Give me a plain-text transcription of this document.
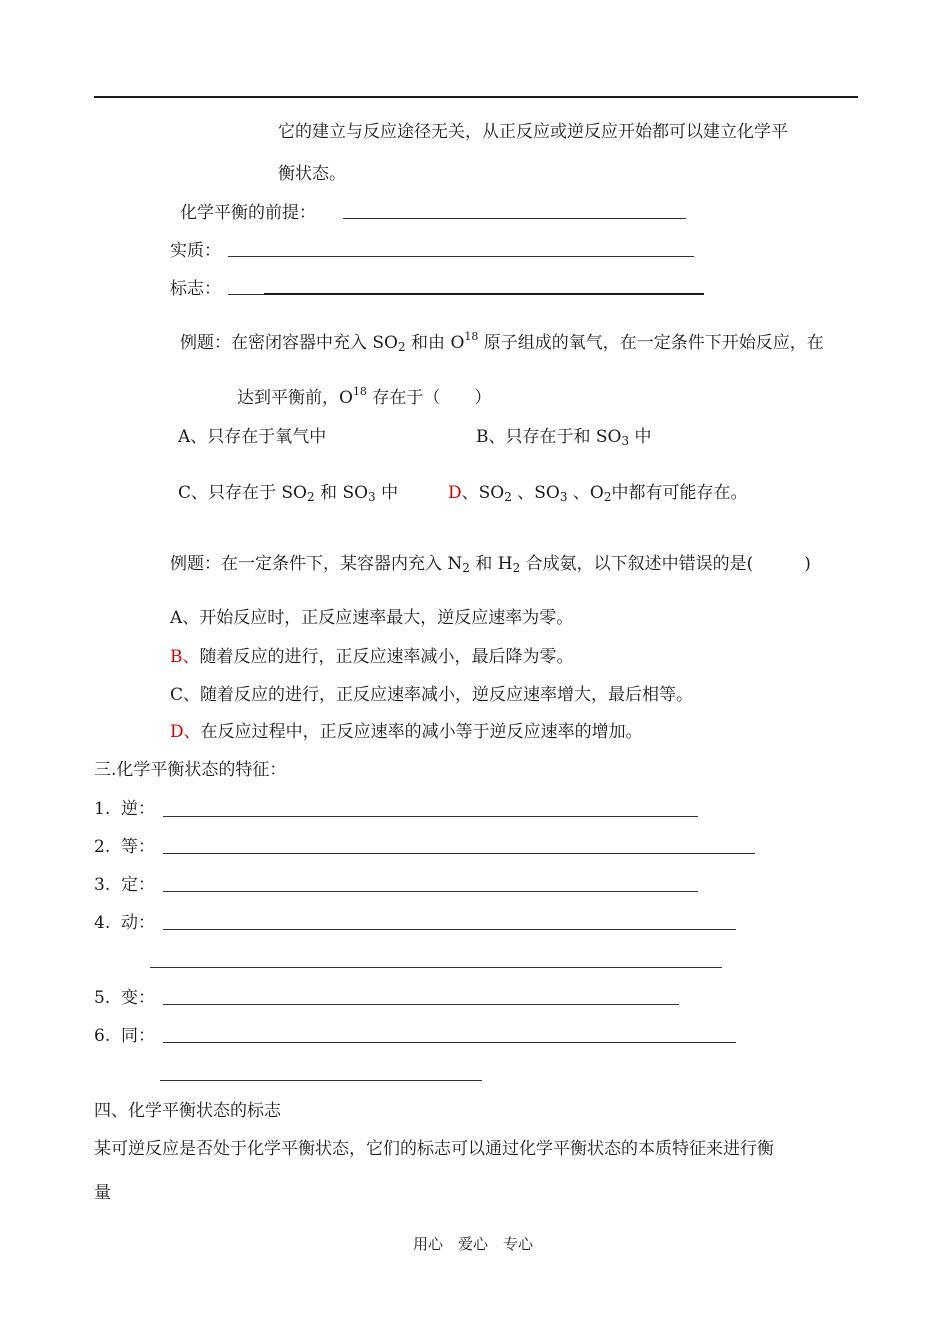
它的建立与反应途径无关，从正反应或逆反应开始都可以建立化学平
衡状态。
化学平衡的前提：
实质：
标志：
例题：在密闭容器中充入 $SO_2$ 和由 $O^{18}$ 原子组成的氧气，在一定条件下开始反应，在
达到平衡前，$O^{18}$ 存在于（　　）
A、只存在于氧气中	B、只存在于和 $SO_3$ 中
C、只存在于 $SO_2$ 和 $SO_3$ 中	D、$SO_2$ 、$SO_3$ 、$O_2$中都有可能存在。
例题：在一定条件下，某容器内充入 $N_2$ 和 $H_2$ 合成氨，以下叙述中错误的是(　　　)
A、开始反应时，正反应速率最大，逆反应速率为零。
B、随着反应的进行，正反应速率减小，最后降为零。
C、随着反应的进行，正反应速率减小，逆反应速率增大，最后相等。
D、在反应过程中，正反应速率的减小等于逆反应速率的增加。
三.化学平衡状态的特征：
1. 逆：
2. 等：
3. 定：
4. 动：
5. 变：
6. 同：
四、化学平衡状态的标志
某可逆反应是否处于化学平衡状态，它们的标志可以通过化学平衡状态的本质特征来进行衡
量
用心　爱心　专心
